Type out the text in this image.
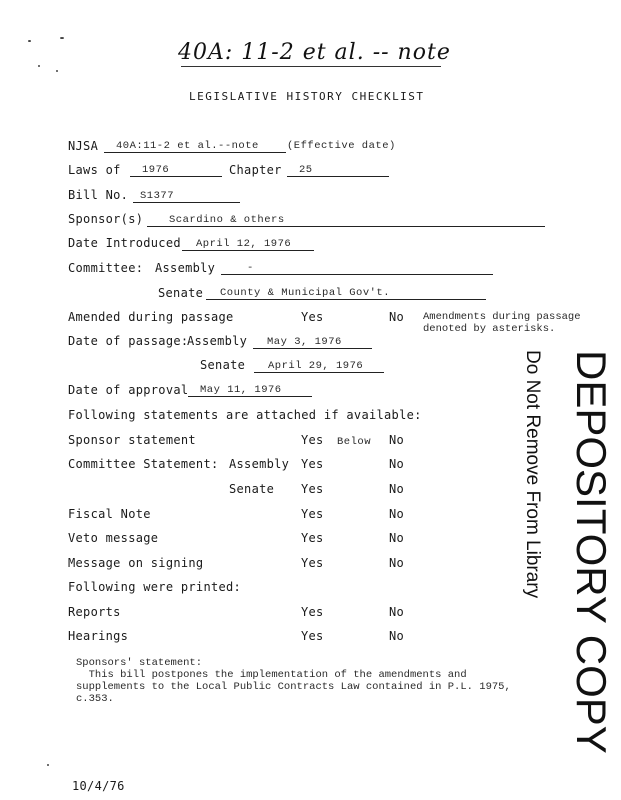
40A: 11-2 et al. -- note
LEGISLATIVE HISTORY CHECKLIST
NJSA	40A:11-2 et al.--note	(Effective date)
Laws of	1976	Chapter	25
Bill No.	S1377
Sponsor(s)	Scardino & others
Date Introduced	April 12, 1976
Committee: Assembly	-
Senate	County & Municipal Gov't.
Amended during passage	Yes	No Amendments during passage
denoted by asterisks.
Date of passage:
Assembly	May 3, 1976
Senate	April 29, 1976
Date of approval	May 11, 1976
Following statements are attached if available:
Sponsor statement	Yes Below No
Committee Statement: Assembly Yes	No
Senate Yes	No
Fiscal Note	Yes	No
Veto message	Yes	No
Message on signing	Yes	No
Following were printed:
Reports	Yes	No
Hearings	Yes	No	DEPOSITORY COPY
Do Not Remove From Library
Sponsors' statement:
This bill postpones the implementation of the amendments and
supplements to the Local Public Contracts Law contained in P.L. 1975,
c.353.
10/4/76
